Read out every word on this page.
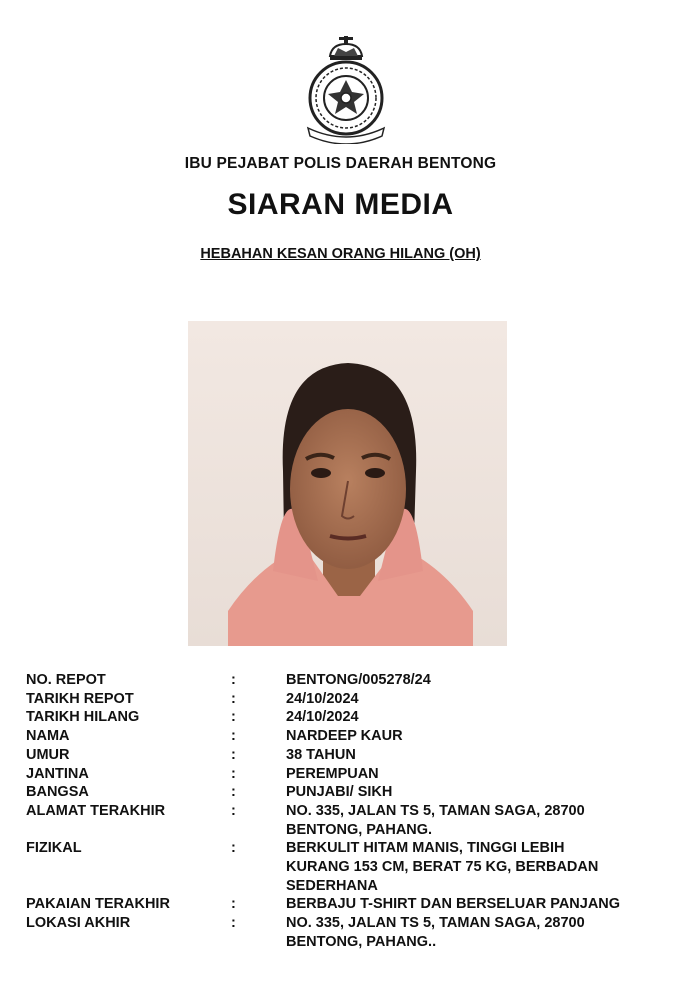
IBU PEJABAT POLIS DAERAH BENTONG
SIARAN MEDIA
HEBAHAN KESAN ORANG HILANG (OH)
NO. REPOT	:	BENTONG/005278/24
TARIKH REPOT	:	24/10/2024
TARIKH HILANG	:	24/10/2024
NAMA	:	NARDEEP KAUR
UMUR	:	38 TAHUN
JANTINA	:	PEREMPUAN
BANGSA	:	PUNJABI/ SIKH
ALAMAT TERAKHIR	:	NO. 335, JALAN TS 5, TAMAN SAGA, 28700
BENTONG, PAHANG.
FIZIKAL	:	BERKULIT HITAM MANIS, TINGGI LEBIH
KURANG 153 CM, BERAT 75 KG, BERBADAN
SEDERHANA
PAKAIAN TERAKHIR	:	BERBAJU T-SHIRT DAN BERSELUAR PANJANG
LOKASI AKHIR	:	NO. 335, JALAN TS 5, TAMAN SAGA, 28700
BENTONG, PAHANG..
